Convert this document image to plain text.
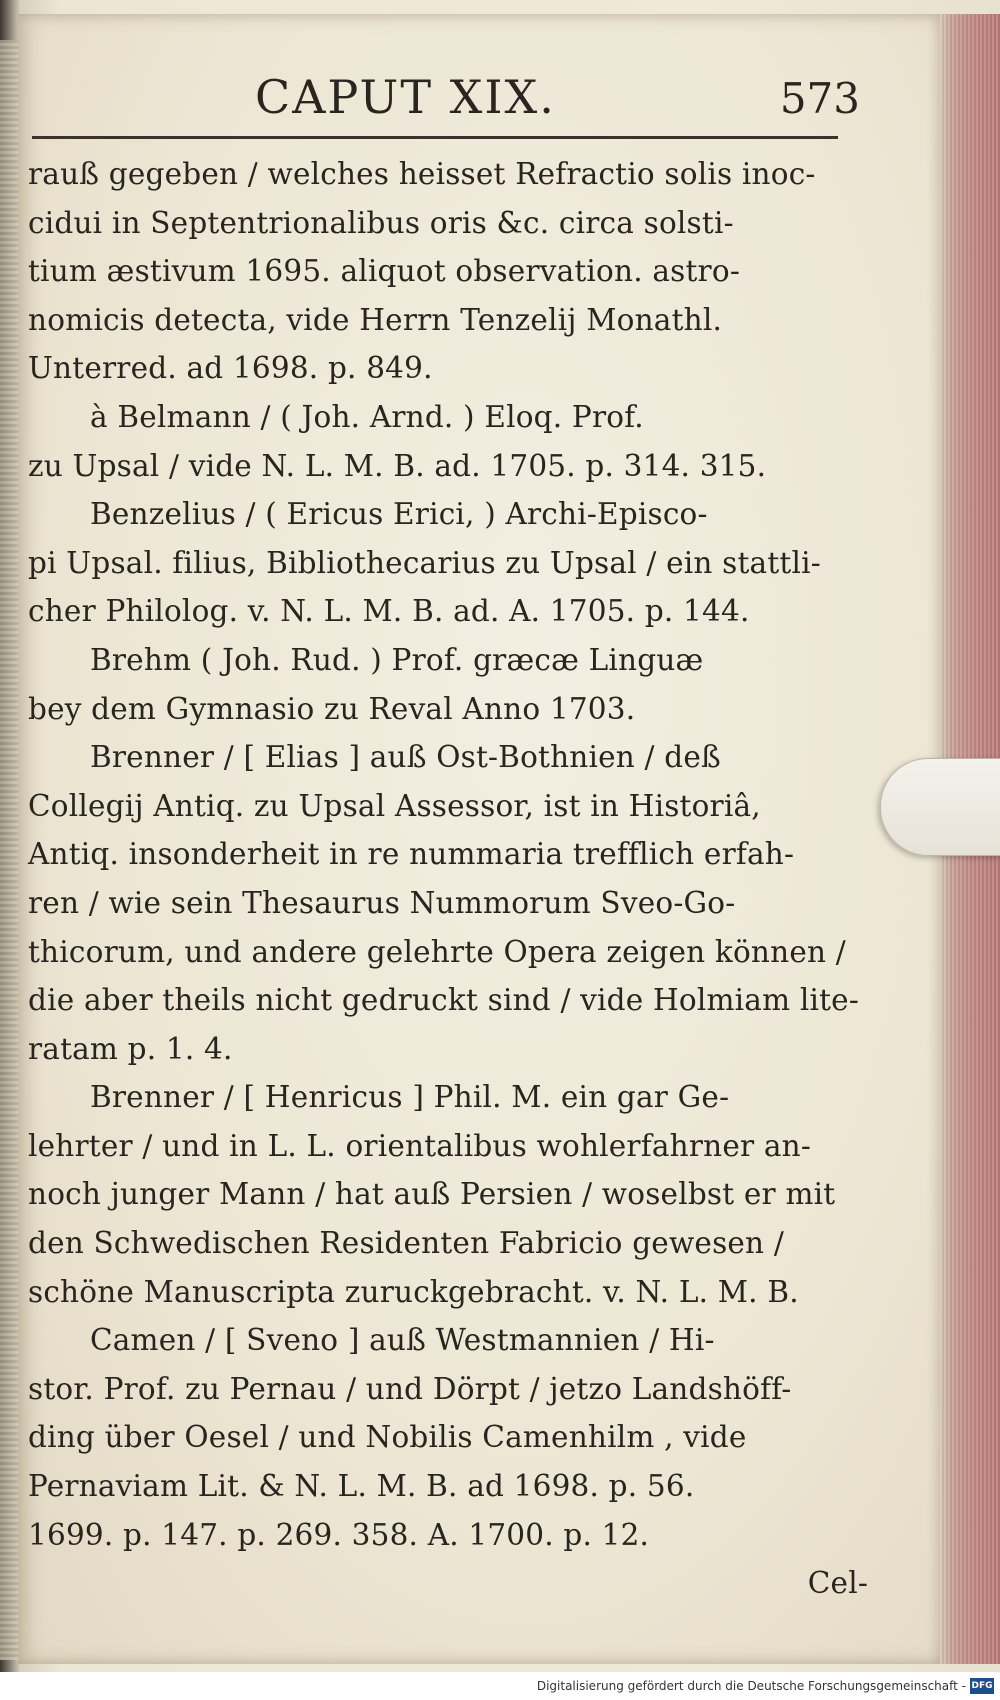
CAPUT XIX.	573
rauß gegeben / welches heisset Refractio solis inoc-
cidui in Septentrionalibus oris &c. circa solsti-
tium æstivum 1695. aliquot observation. astro-
nomicis detecta, vide Herrn Tenzelij Monathl.
Unterred. ad 1698. p. 849.
à Belmann / ( Joh. Arnd. ) Eloq. Prof.
zu Upsal / vide N. L. M. B. ad. 1705. p. 314. 315.
Benzelius / ( Ericus Erici, ) Archi-Episco-
pi Upsal. filius, Bibliothecarius zu Upsal / ein stattli-
cher Philolog. v. N. L. M. B. ad. A. 1705. p. 144.
Brehm ( Joh. Rud. ) Prof. græcæ Linguæ
bey dem Gymnasio zu Reval Anno 1703.
Brenner / [ Elias ] auß Ost-Bothnien / deß
Collegij Antiq. zu Upsal Assessor, ist in Historiâ,
Antiq. insonderheit in re nummaria trefflich erfah-
ren / wie sein Thesaurus Nummorum Sveo-Go-
thicorum, und andere gelehrte Opera zeigen können /
die aber theils nicht gedruckt sind / vide Holmiam lite-
ratam p. 1. 4.
Brenner / [ Henricus ] Phil. M. ein gar Ge-
lehrter / und in L. L. orientalibus wohlerfahrner an-
noch junger Mann / hat auß Persien / woselbst er mit
den Schwedischen Residenten Fabricio gewesen /
schöne Manuscripta zuruckgebracht. v. N. L. M. B.
Camen / [ Sveno ] auß Westmannien / Hi-
stor. Prof. zu Pernau / und Dörpt / jetzo Landshöff-
ding über Oesel / und Nobilis Camenhilm , vide
Pernaviam Lit. & N. L. M. B. ad 1698. p. 56.
1699. p. 147. p. 269. 358. A. 1700. p. 12.
Cel-
Digitalisierung gefördert durch die Deutsche Forschungsgemeinschaft - DFG
